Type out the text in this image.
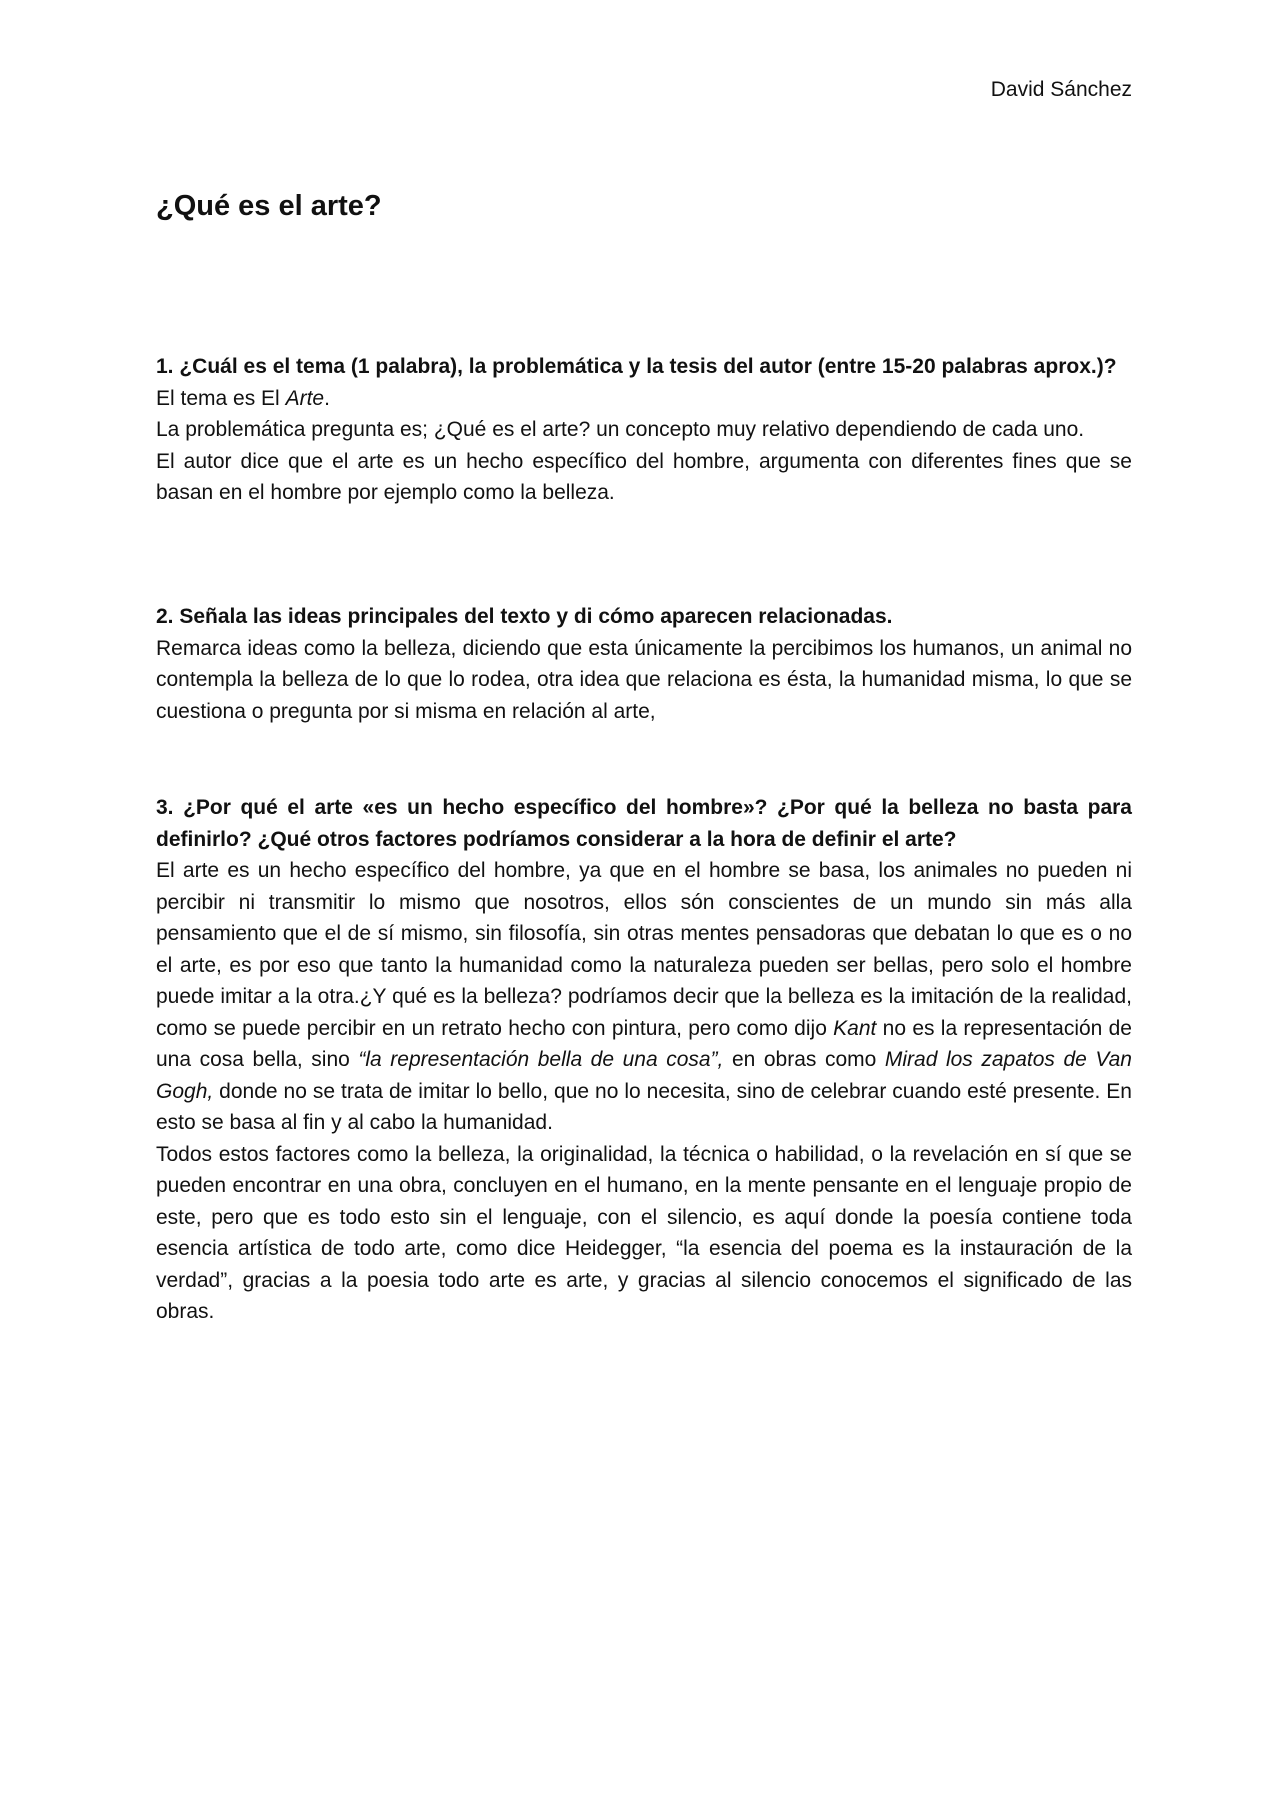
David Sánchez
¿Qué es el arte?
1. ¿Cuál es el tema (1 palabra), la problemática y la tesis del autor (entre 15-20 palabras aprox.)?
El tema es El Arte.
La problemática pregunta es; ¿Qué es el arte? un concepto muy relativo dependiendo de cada uno.
El autor dice que el arte es un hecho específico del hombre, argumenta con diferentes fines que se basan en el hombre por ejemplo como la belleza.
2. Señala las ideas principales del texto y di cómo aparecen relacionadas.
Remarca ideas como la belleza, diciendo que esta únicamente la percibimos los humanos, un animal no contempla la belleza de lo que lo rodea, otra idea que relaciona es ésta, la humanidad misma, lo que se cuestiona o pregunta por si misma en relación al arte,
3. ¿Por qué el arte «es un hecho específico del hombre»? ¿Por qué la belleza no basta para definirlo? ¿Qué otros factores podríamos considerar a la hora de definir el arte?
El arte es un hecho específico del hombre, ya que en el hombre se basa, los animales no pueden ni percibir ni transmitir lo mismo que nosotros, ellos són conscientes de un mundo sin más alla pensamiento que el de sí mismo, sin filosofía, sin otras mentes pensadoras que debatan lo que es o no el arte, es por eso que tanto la humanidad como la naturaleza pueden ser bellas, pero solo el hombre puede imitar a la otra.¿Y qué es la belleza? podríamos decir que la belleza es la imitación de la realidad, como se puede percibir en un retrato hecho con pintura, pero como dijo Kant no es la representación de una cosa bella, sino “la representación bella de una cosa”, en obras como Mirad los zapatos de Van Gogh, donde no se trata de imitar lo bello, que no lo necesita, sino de celebrar cuando esté presente. En esto se basa al fin y al cabo la humanidad.
Todos estos factores como la belleza, la originalidad, la técnica o habilidad, o la revelación en sí que se pueden encontrar en una obra, concluyen en el humano, en la mente pensante en el lenguaje propio de este, pero que es todo esto sin el lenguaje, con el silencio, es aquí donde la poesía contiene toda esencia artística de todo arte, como dice Heidegger, “la esencia del poema es la instauración de la verdad”, gracias a la poesia todo arte es arte, y gracias al silencio conocemos el significado de las obras.
